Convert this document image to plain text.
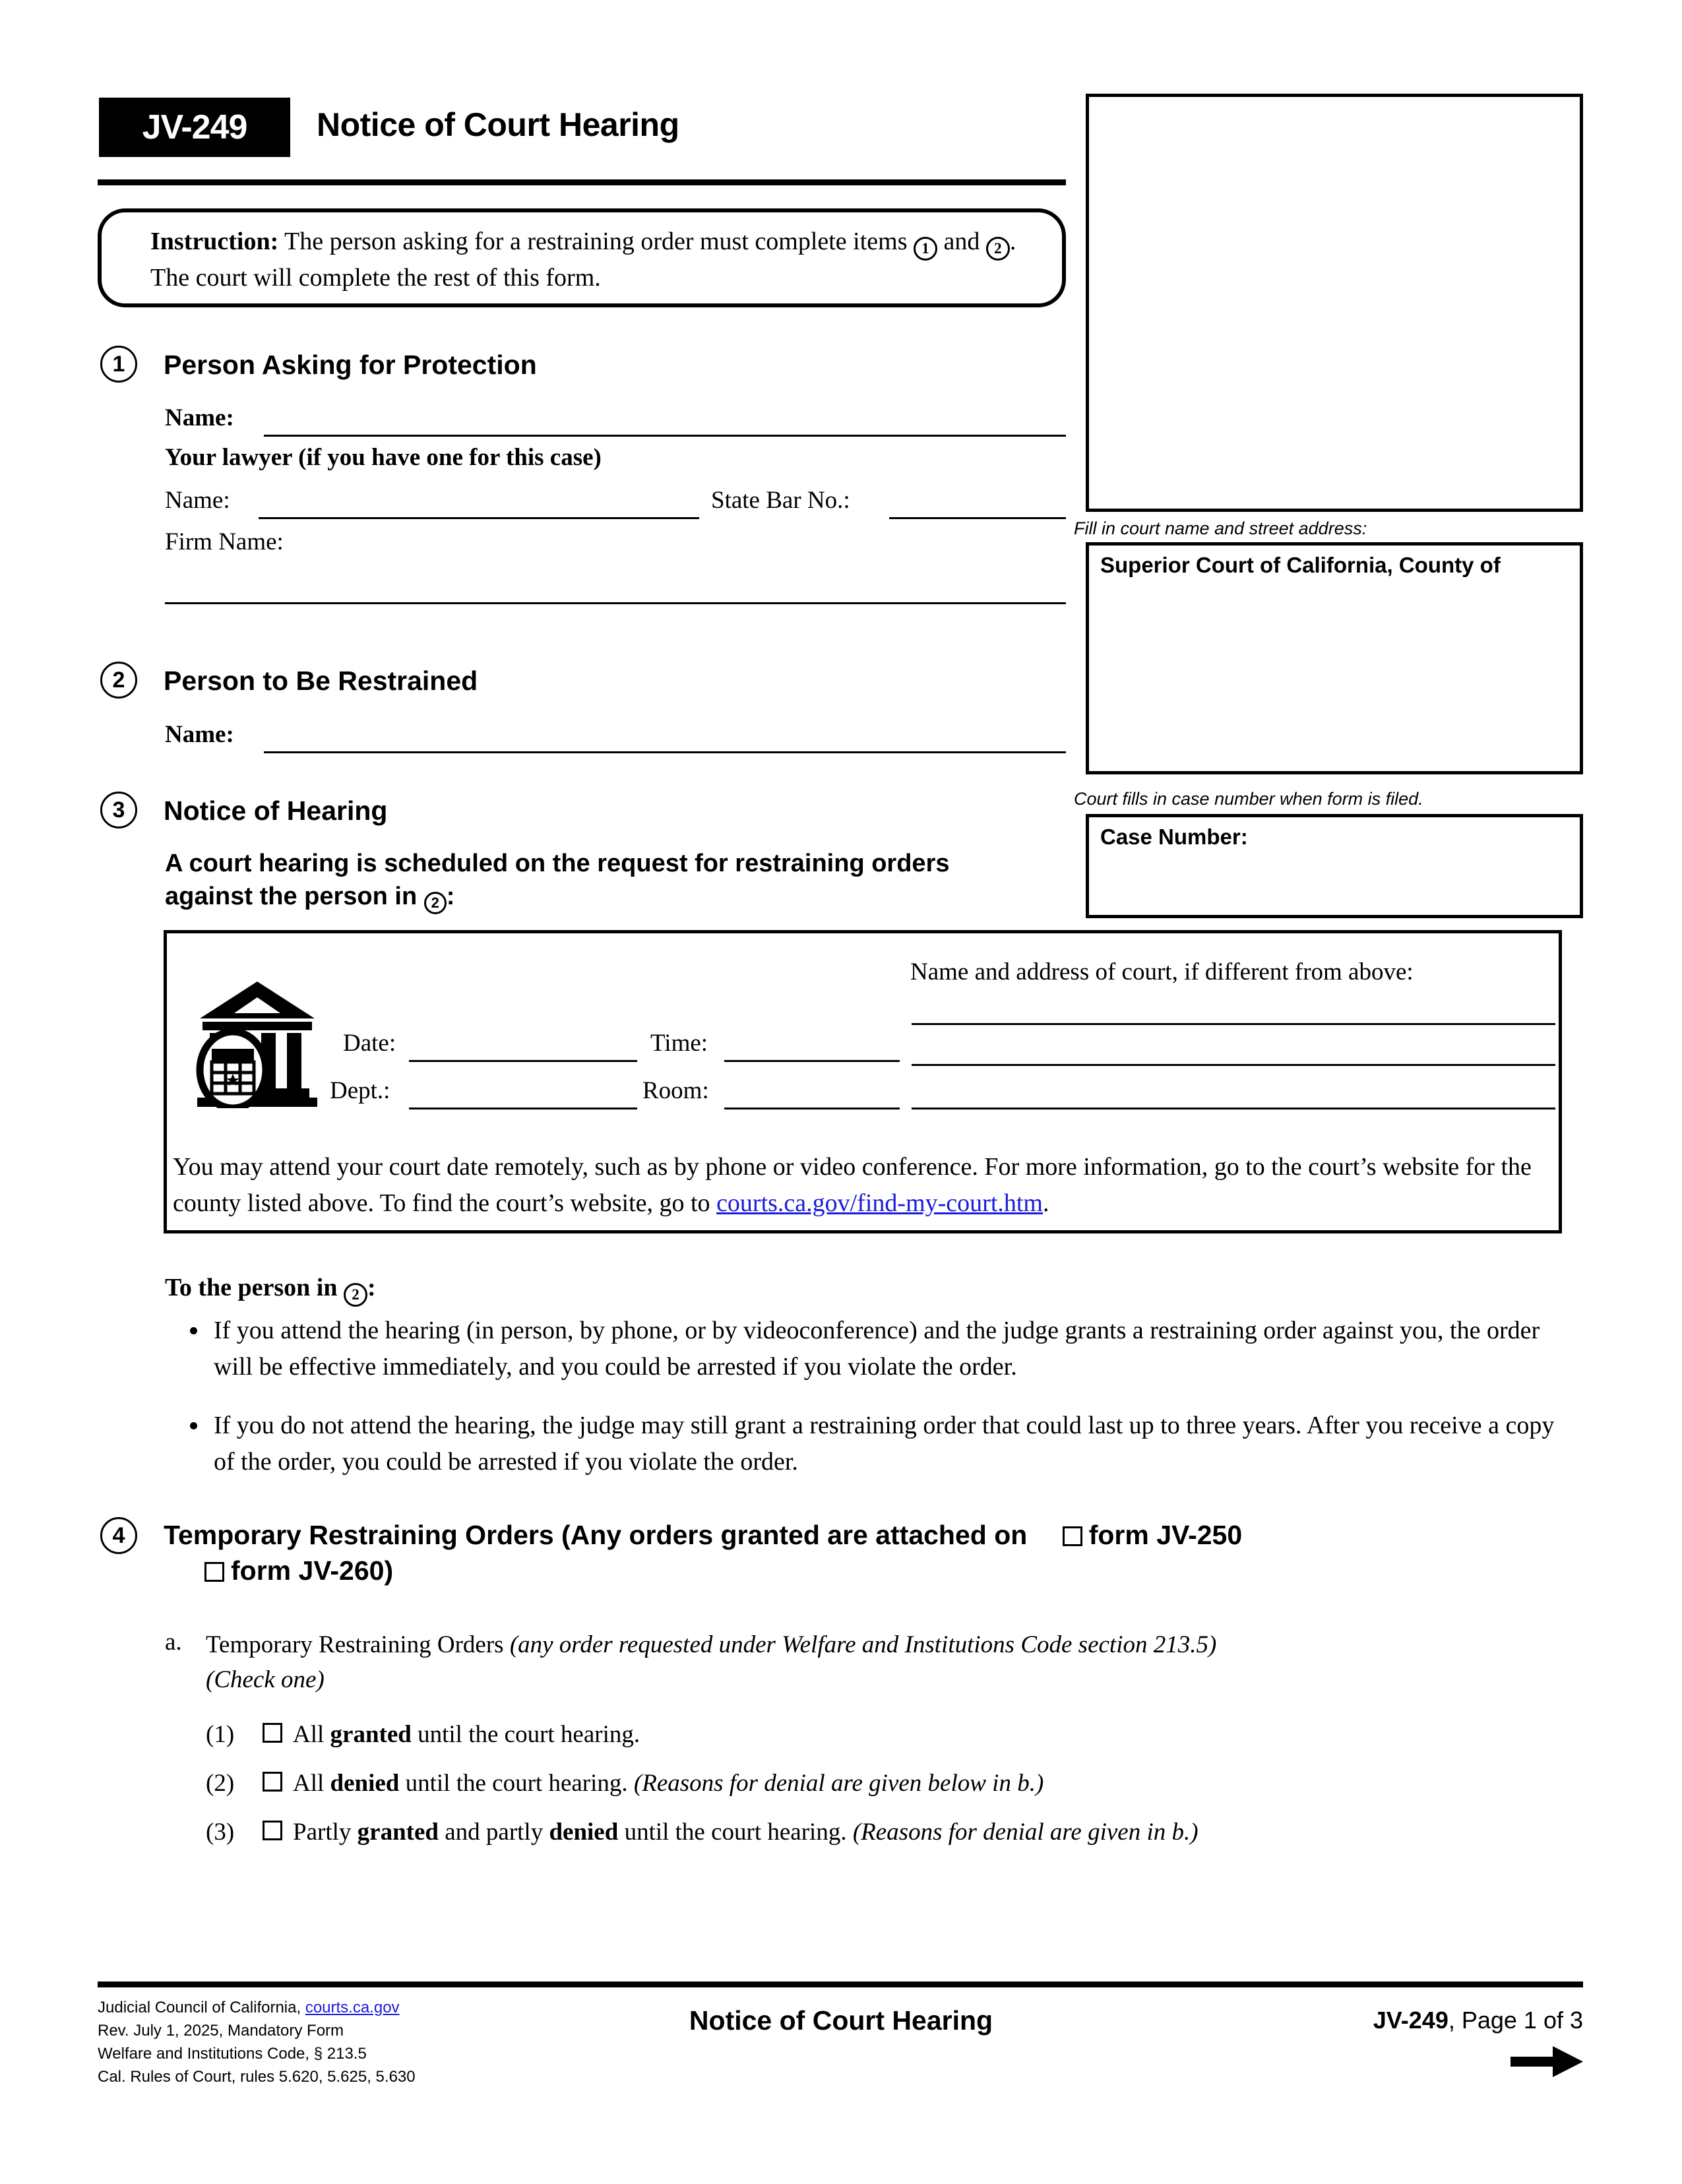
JV-249	Notice of Court Hearing
Instruction: The person asking for a restraining order must complete items 1 and 2 . The court will complete the rest of this form.
1	Person Asking for Protection
Name:
Your lawyer (if you have one for this case)
Name:	State Bar No.:
Firm Name:
2	Person to Be Restrained
Name:
3	Notice of Hearing
A court hearing is scheduled on the request for restraining orders against the person in 2 :
Date:	Time:
Dept.:	Room:
Name and address of court, if different from above:
You may attend your court date remotely, such as by phone or video conference. For more information, go to the court’s website for the county listed above. To find the court’s website, go to courts.ca.gov/find-my-court.htm.
To the person in 2 :
If you attend the hearing (in person, by phone, or by videoconference) and the judge grants a restraining order against you, the order will be effective immediately, and you could be arrested if you violate the order.
If you do not attend the hearing, the judge may still grant a restraining order that could last up to three years. After you receive a copy of the order, you could be arrested if you violate the order.
4	Temporary Restraining Orders (Any orders granted are attached on form JV-250
form JV-260)
a. Temporary Restraining Orders (any order requested under Welfare and Institutions Code section 213.5)
(Check one)
(1) All granted until the court hearing.
(2) All denied until the court hearing. (Reasons for denial are given below in b.)
(3) Partly granted and partly denied until the court hearing. (Reasons for denial are given in b.)
Fill in court name and street address:
Superior Court of California, County of
Court fills in case number when form is filed.
Case Number:
Judicial Council of California, courts.ca.gov
Rev. July 1, 2025, Mandatory Form
Welfare and Institutions Code, § 213.5
Cal. Rules of Court, rules 5.620, 5.625, 5.630
Notice of Court Hearing	JV-249, Page 1 of 3
